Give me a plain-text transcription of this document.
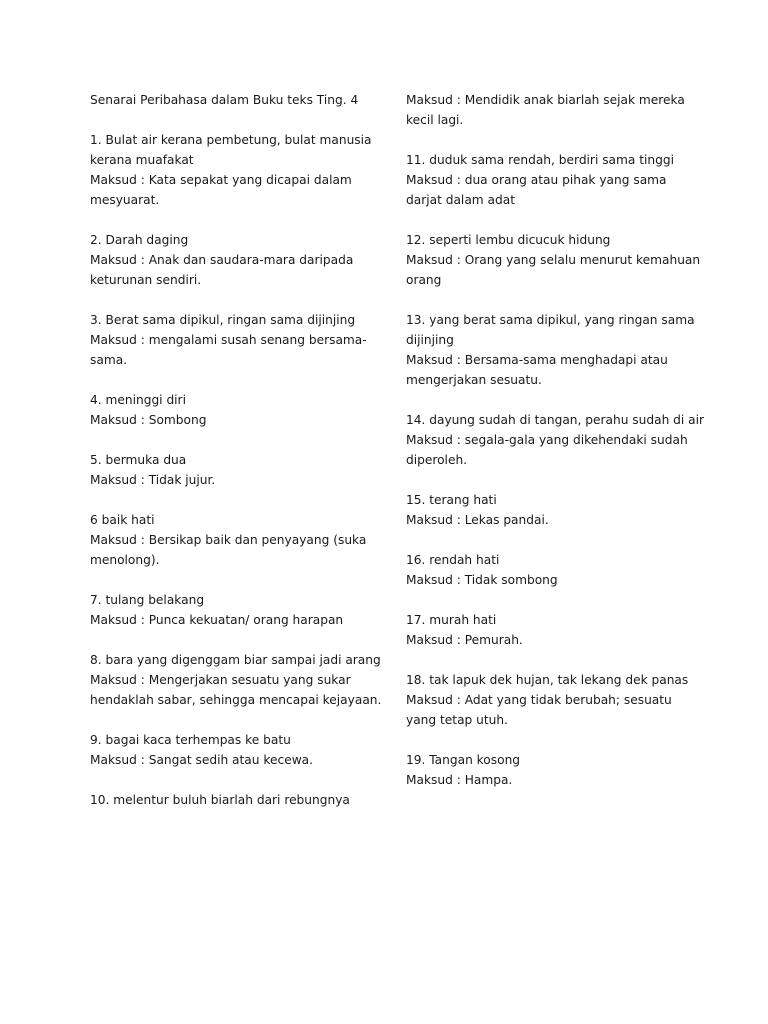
Senarai Peribahasa dalam Buku teks Ting. 4
1. Bulat air kerana pembetung, bulat manusia
kerana muafakat
Maksud : Kata sepakat yang dicapai dalam
mesyuarat.
2. Darah daging
Maksud : Anak dan saudara-mara daripada
keturunan sendiri.
3. Berat sama dipikul, ringan sama dijinjing
Maksud : mengalami susah senang bersama-
sama.
4. meninggi diri
Maksud : Sombong
5. bermuka dua
Maksud : Tidak jujur.
6 baik hati
Maksud : Bersikap baik dan penyayang (suka
menolong).
7. tulang belakang
Maksud : Punca kekuatan/ orang harapan
8. bara yang digenggam biar sampai jadi arang
Maksud : Mengerjakan sesuatu yang sukar
hendaklah sabar, sehingga mencapai kejayaan.
9. bagai kaca terhempas ke batu
Maksud : Sangat sedih atau kecewa.
10. melentur buluh biarlah dari rebungnya
Maksud : Mendidik anak biarlah sejak mereka
kecil lagi.
11. duduk sama rendah, berdiri sama tinggi
Maksud : dua orang atau pihak yang sama
darjat dalam adat
12. seperti lembu dicucuk hidung
Maksud : Orang yang selalu menurut kemahuan
orang
13. yang berat sama dipikul, yang ringan sama
dijinjing
Maksud : Bersama-sama menghadapi atau
mengerjakan sesuatu.
14. dayung sudah di tangan, perahu sudah di air
Maksud : segala-gala yang dikehendaki sudah
diperoleh.
15. terang hati
Maksud : Lekas pandai.
16. rendah hati
Maksud : Tidak sombong
17. murah hati
Maksud : Pemurah.
18. tak lapuk dek hujan, tak lekang dek panas
Maksud : Adat yang tidak berubah; sesuatu
yang tetap utuh.
19. Tangan kosong
Maksud : Hampa.
